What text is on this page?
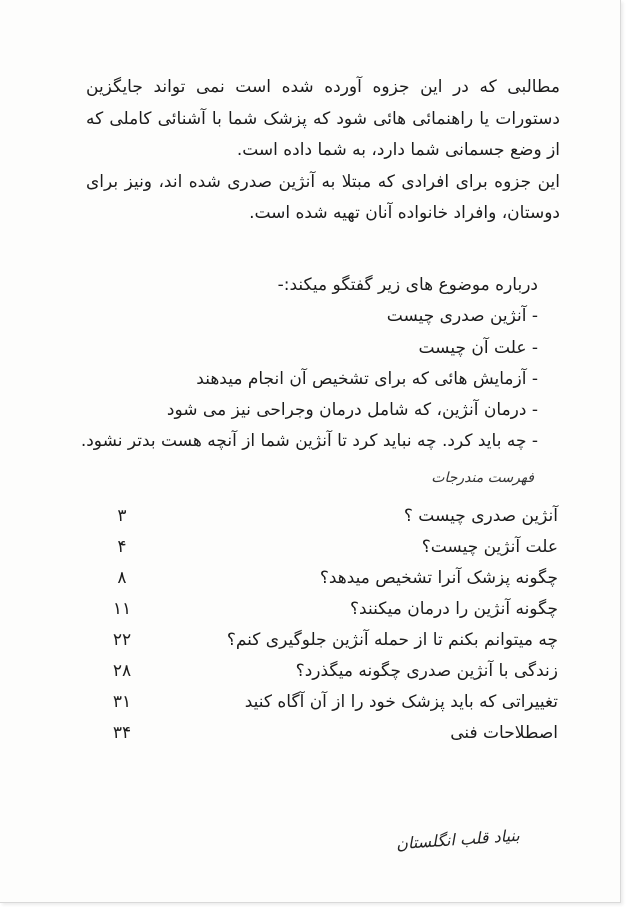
مطالبی که در این جزوه آورده شده است نمی تواند جایگزین دستورات یا راهنمائی هائی شود که پزشک شما با آشنائی کاملی که از وضع جسمانی شما دارد، به شما داده است.

این جزوه برای افرادی که مبتلا به آنژین صدری شده اند، ونیز برای دوستان، وافراد خانواده آنان تهیه شده است.

درباره موضوع های زیر گفتگو میکند:-
- آنژین صدری چیست
- علت آن چیست
- آزمایش هائی که برای تشخیص آن انجام میدهند
- درمان آنژین، که شامل درمان وجراحی نیز می شود
- چه باید کرد. چه نباید کرد تا آنژین شما از آنچه هست بدتر نشود.
فهرست مندرجات
آنژین صدری چیست ؟
۳
علت آنژین چیست؟
۴
چگونه پزشک آنرا تشخیص میدهد؟
۸
چگونه آنژین را درمان میکنند؟
۱۱
چه میتوانم بکنم تا از حمله آنژین جلوگیری کنم؟
۲۲
زندگی با آنژین صدری چگونه میگذرد؟
۲۸
تغییراتی که باید پزشک خود را از آن آگاه کنید
۳۱
اصطلاحات فنی
۳۴
بنیاد قلب انگلستان
